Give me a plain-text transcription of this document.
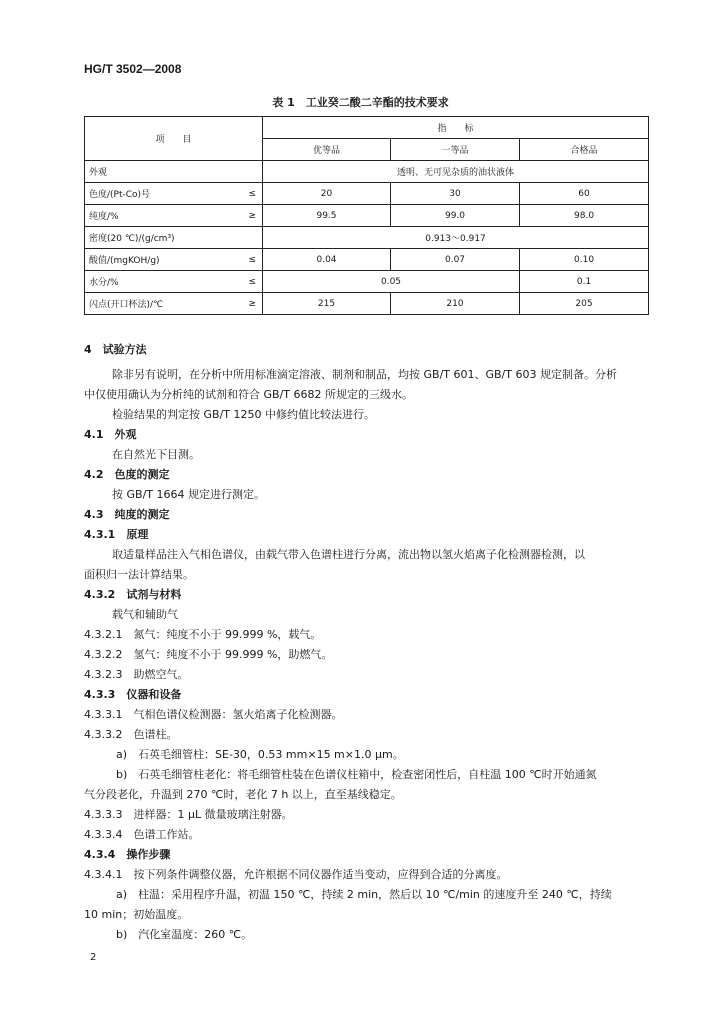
HG/T 3502—2008
表 1　工业癸二酸二辛酯的技术要求
项　　目		指　　标		
		优等品	一等品	合格品
外观		透明、无可见杂质的油状液体		
色度/(Pt-Co)号	≤	20	30	60
纯度/%	≥	99.5	99.0	98.0
密度(20 ℃)/(g/cm³)		0.913～0.917		
酸值/(mgKOH/g)	≤	0.04	0.07	0.10
水分/%	≤	0.05		0.1
闪点(开口杯法)/℃	≥	215	210	205
4　试验方法
除非另有说明，在分析中所用标准滴定溶液、制剂和制品，均按 GB/T 601、GB/T 603 规定制备。分析
中仅使用确认为分析纯的试剂和符合 GB/T 6682 所规定的三级水。
检验结果的判定按 GB/T 1250 中修约值比较法进行。
4.1　外观
在自然光下目测。
4.2　色度的测定
按 GB/T 1664 规定进行测定。
4.3　纯度的测定
4.3.1　原理
取适量样品注入气相色谱仪，由载气带入色谱柱进行分离，流出物以氢火焰离子化检测器检测，以
面积归一法计算结果。
4.3.2　试剂与材料
载气和辅助气
4.3.2.1　氮气：纯度不小于 99.999 %，载气。
4.3.2.2　氢气：纯度不小于 99.999 %，助燃气。
4.3.2.3　助燃空气。
4.3.3　仪器和设备
4.3.3.1　气相色谱仪检测器：氢火焰离子化检测器。
4.3.3.2　色谱柱。
a)　石英毛细管柱：SE-30，0.53 mm×15 m×1.0 μm。
b)　石英毛细管柱老化：将毛细管柱装在色谱仪柱箱中，检查密闭性后，自柱温 100 ℃时开始通氮
气分段老化，升温到 270 ℃时，老化 7 h 以上，直至基线稳定。
4.3.3.3　进样器：1 μL 微量玻璃注射器。
4.3.3.4　色谱工作站。
4.3.4　操作步骤
4.3.4.1　按下列条件调整仪器，允许根据不同仪器作适当变动，应得到合适的分离度。
a)　柱温：采用程序升温，初温 150 ℃，持续 2 min，然后以 10 ℃/min 的速度升至 240 ℃，持续
10 min；初始温度。
b)　汽化室温度：260 ℃。
2
